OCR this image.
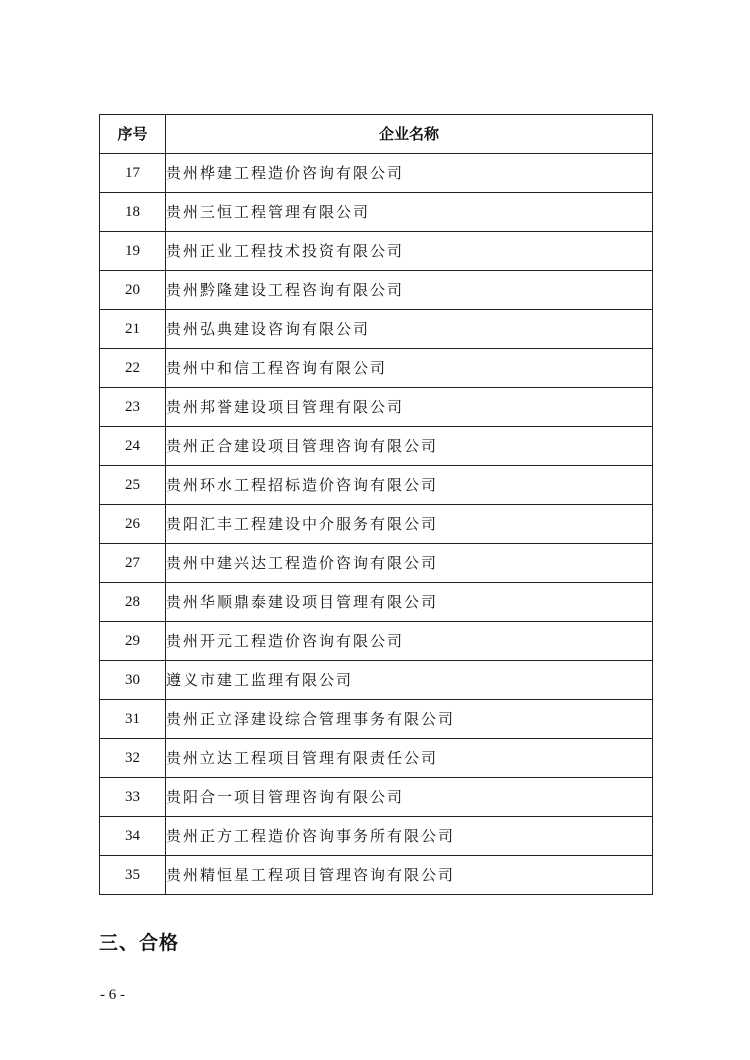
序号	企业名称
17	贵州桦建工程造价咨询有限公司
18	贵州三恒工程管理有限公司
19	贵州正业工程技术投资有限公司
20	贵州黔隆建设工程咨询有限公司
21	贵州弘典建设咨询有限公司
22	贵州中和信工程咨询有限公司
23	贵州邦誉建设项目管理有限公司
24	贵州正合建设项目管理咨询有限公司
25	贵州环水工程招标造价咨询有限公司
26	贵阳汇丰工程建设中介服务有限公司
27	贵州中建兴达工程造价咨询有限公司
28	贵州华顺鼎泰建设项目管理有限公司
29	贵州开元工程造价咨询有限公司
30	遵义市建工监理有限公司
31	贵州正立泽建设综合管理事务有限公司
32	贵州立达工程项目管理有限责任公司
33	贵阳合一项目管理咨询有限公司
34	贵州正方工程造价咨询事务所有限公司
35	贵州精恒星工程项目管理咨询有限公司
三、合格
- 6 -
